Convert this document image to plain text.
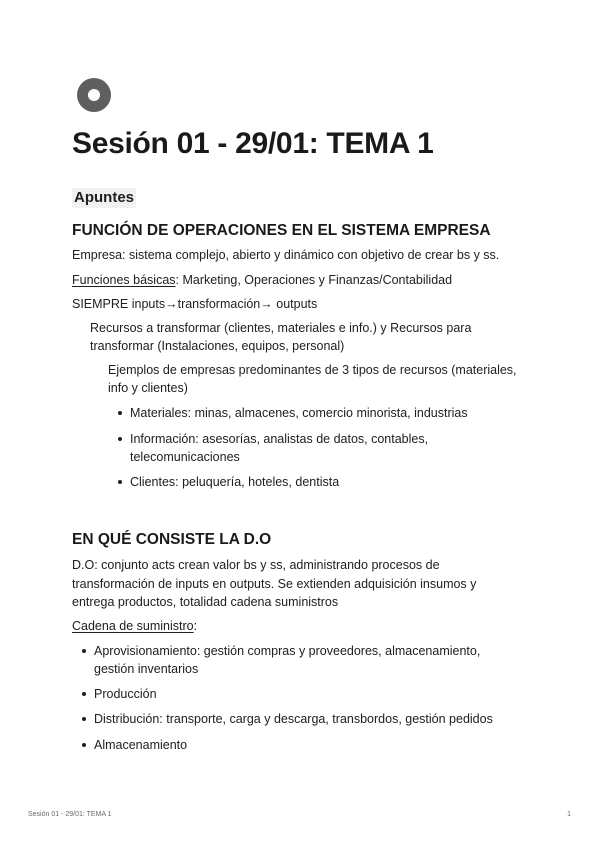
Sesión 01 - 29/01: TEMA 1
Apuntes
FUNCIÓN DE OPERACIONES EN EL SISTEMA EMPRESA
Empresa: sistema complejo, abierto y dinámico con objetivo de crear bs y ss.
Funciones básicas: Marketing, Operaciones y Finanzas/Contabilidad
SIEMPRE inputs→transformación→ outputs
Recursos a transformar (clientes, materiales e info.) y Recursos para
transformar (Instalaciones, equipos, personal)
Ejemplos de empresas predominantes de 3 tipos de recursos (materiales,
info y clientes)
Materiales: minas, almacenes, comercio minorista, industrias
Información: asesorías, analistas de datos, contables,
telecomunicaciones
Clientes: peluquería, hoteles, dentista
EN QUÉ CONSISTE LA D.O
D.O: conjunto acts crean valor bs y ss, administrando procesos de
transformación de inputs en outputs. Se extienden adquisición insumos y
entrega productos, totalidad cadena suministros
Cadena de suministro:
Aprovisionamiento: gestión compras y proveedores, almacenamiento,
gestión inventarios
Producción
Distribución: transporte, carga y descarga, transbordos, gestión pedidos
Almacenamiento
Sesión 01 - 29/01: TEMA 1	1
